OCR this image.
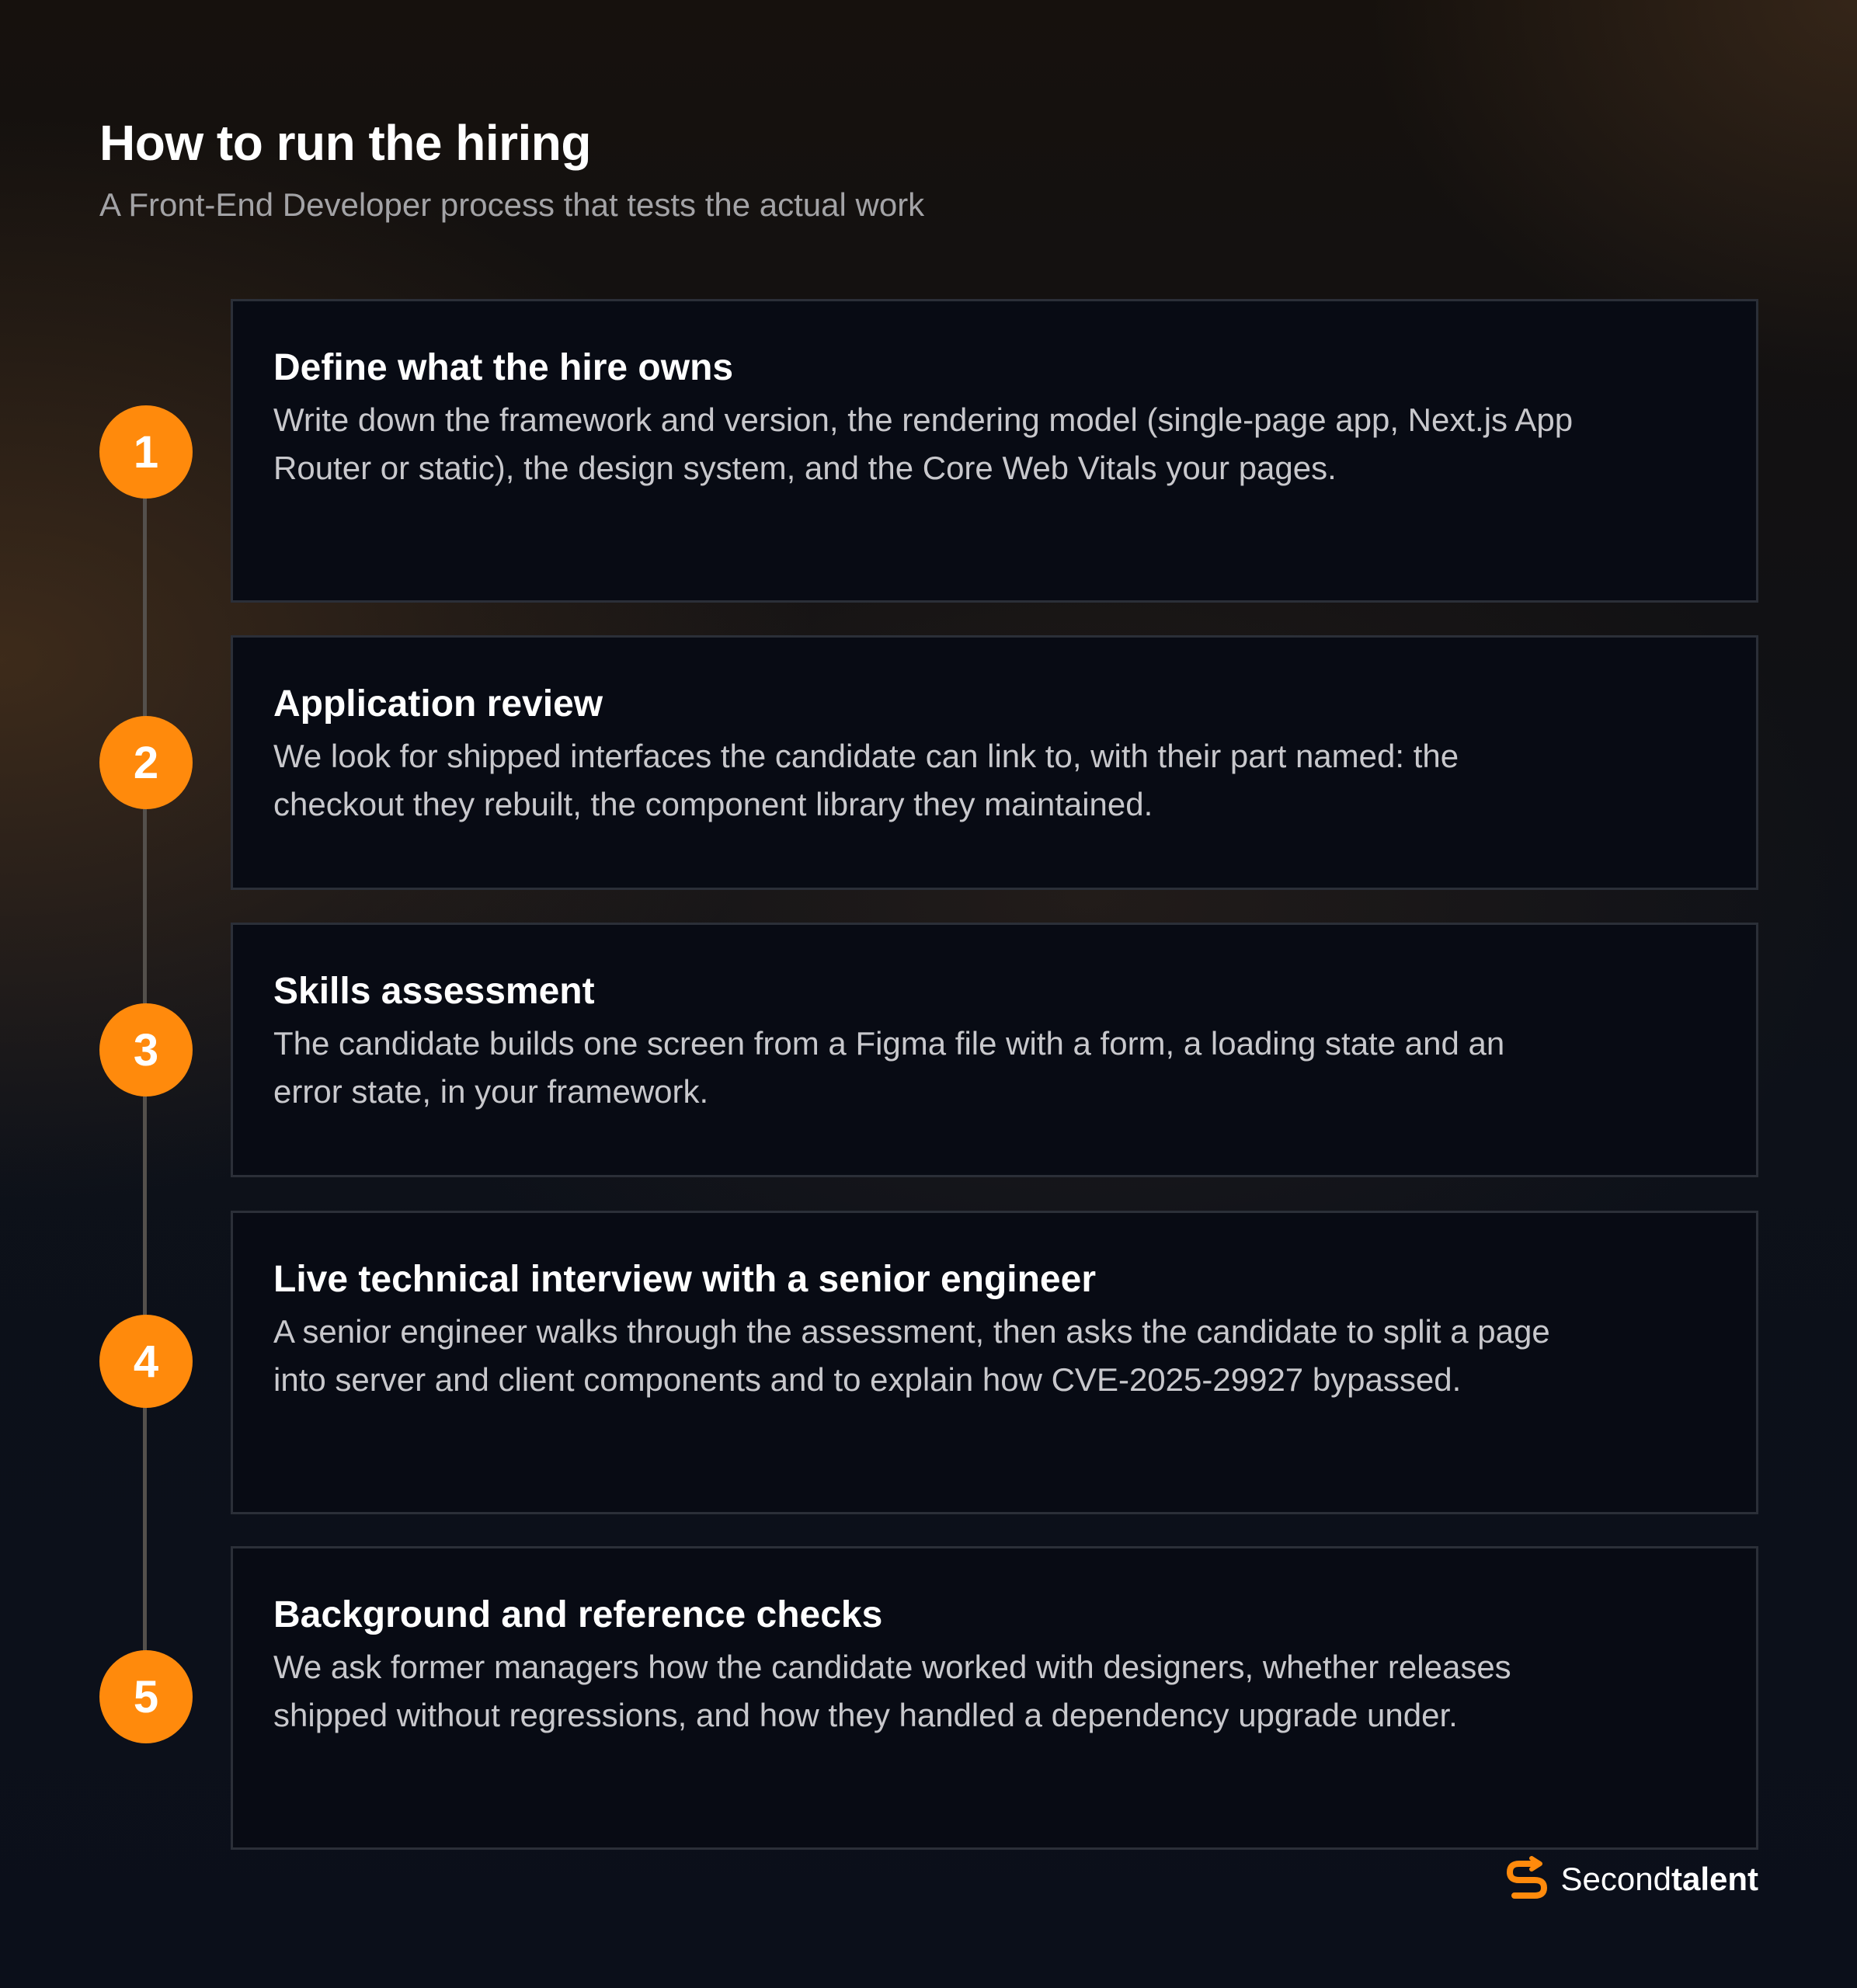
How to run the hiring

A Front-End Developer process that tests the actual work

1
Define what the hire owns

Write down the framework and version, the rendering model (single-page app, Next.js App Router or static), the design system, and the Core Web Vitals your pages.

2
Application review

We look for shipped interfaces the candidate can link to, with their part named: the checkout they rebuilt, the component library they maintained.

3
Skills assessment

The candidate builds one screen from a Figma file with a form, a loading state and an error state, in your framework.

4
Live technical interview with a senior engineer

A senior engineer walks through the assessment, then asks the candidate to split a page into server and client components and to explain how CVE-2025-29927 bypassed.

5
Background and reference checks

We ask former managers how the candidate worked with designers, whether releases shipped without regressions, and how they handled a dependency upgrade under.

Secondtalent
